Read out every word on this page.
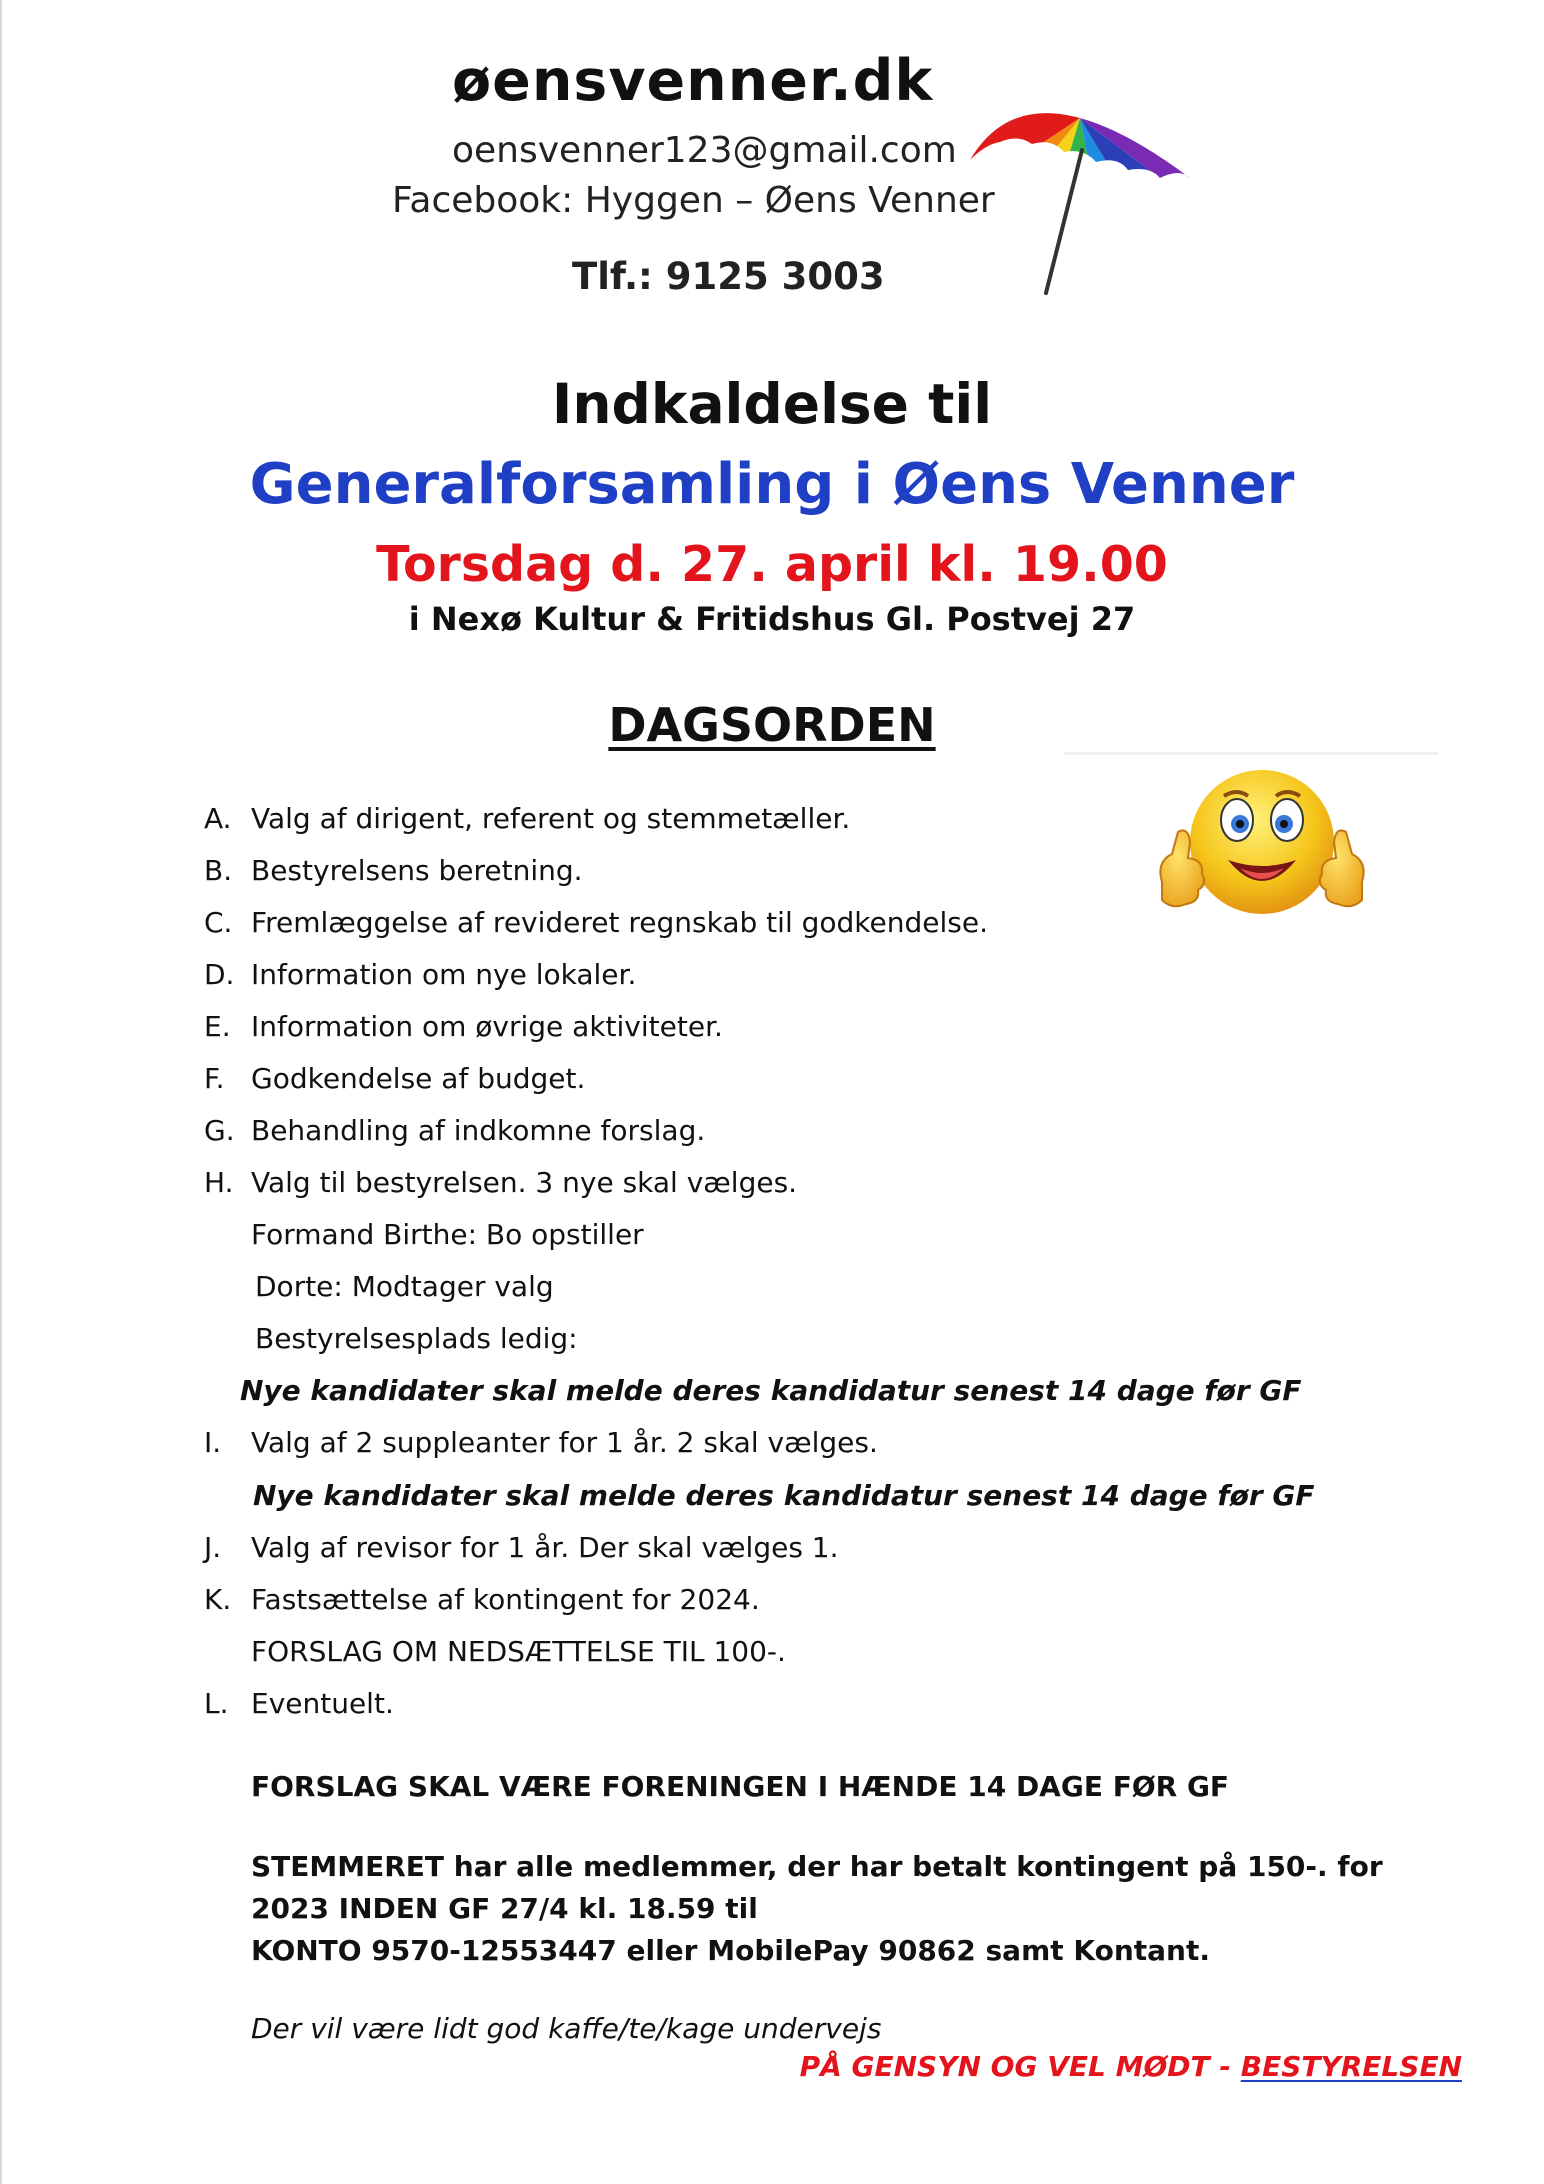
øensvenner.dk
oensvenner123@gmail.com
Facebook: Hyggen – Øens Venner
Tlf.: 9125 3003
Indkaldelse til
Generalforsamling i Øens Venner
Torsdag d. 27. april kl. 19.00
i Nexø Kultur & Fritidshus Gl. Postvej 27
DAGSORDEN
A. Valg af dirigent, referent og stemmetæller.
B. Bestyrelsens beretning.
C. Fremlæggelse af revideret regnskab til godkendelse.
D. Information om nye lokaler.
E. Information om øvrige aktiviteter.
F. Godkendelse af budget.
G. Behandling af indkomne forslag.
H. Valg til bestyrelsen. 3 nye skal vælges.
Formand Birthe: Bo opstiller
Dorte: Modtager valg
Bestyrelsesplads ledig:
Nye kandidater skal melde deres kandidatur senest 14 dage før GF
I. Valg af 2 suppleanter for 1 år. 2 skal vælges.
Nye kandidater skal melde deres kandidatur senest 14 dage før GF
J. Valg af revisor for 1 år. Der skal vælges 1.
K. Fastsættelse af kontingent for 2024.
FORSLAG OM NEDSÆTTELSE TIL 100-.
L. Eventuelt.
FORSLAG SKAL VÆRE FORENINGEN I HÆNDE 14 DAGE FØR GF
STEMMERET har alle medlemmer, der har betalt kontingent på 150-. for
2023 INDEN GF 27/4 kl. 18.59 til
KONTO 9570-12553447 eller MobilePay 90862 samt Kontant.
Der vil være lidt god kaffe/te/kage undervejs
PÅ GENSYN OG VEL MØDT - BESTYRELSEN
